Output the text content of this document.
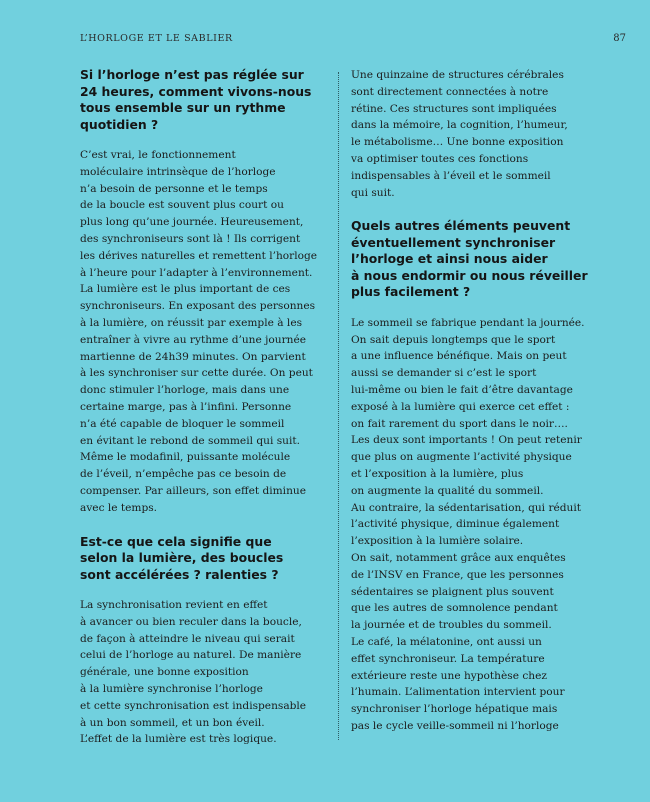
L’HORLOGE ET LE SABLIER	87
Si l’horloge n’est pas réglée sur
24 heures, comment vivons-nous
tous ensemble sur un rythme
quotidien ?

C’est vrai, le fonctionnement
moléculaire intrinsèque de l’horloge
n’a besoin de personne et le temps
de la boucle est souvent plus court ou
plus long qu’une journée. Heureusement,
des synchroniseurs sont là ! Ils corrigent
les dérives naturelles et remettent l’horloge
à l’heure pour l’adapter à l’environnement.
La lumière est le plus important de ces
synchroniseurs. En exposant des personnes
à la lumière, on réussit par exemple à les
entraîner à vivre au rythme d’une journée
martienne de 24h39 minutes. On parvient
à les synchroniser sur cette durée. On peut
donc stimuler l’horloge, mais dans une
certaine marge, pas à l’infini. Personne
n’a été capable de bloquer le sommeil
en évitant le rebond de sommeil qui suit.
Même le modafinil, puissante molécule
de l’éveil, n’empêche pas ce besoin de
compenser. Par ailleurs, son effet diminue
avec le temps.

Est-ce que cela signifie que
selon la lumière, des boucles
sont accélérées ? ralenties ?

La synchronisation revient en effet
à avancer ou bien reculer dans la boucle,
de façon à atteindre le niveau qui serait
celui de l’horloge au naturel. De manière
générale, une bonne exposition
à la lumière synchronise l’horloge
et cette synchronisation est indispensable
à un bon sommeil, et un bon éveil.
L’effet de la lumière est très logique.

Une quinzaine de structures cérébrales
sont directement connectées à notre
rétine. Ces structures sont impliquées
dans la mémoire, la cognition, l’humeur,
le métabolisme… Une bonne exposition
va optimiser toutes ces fonctions
indispensables à l’éveil et le sommeil
qui suit.

Quels autres éléments peuvent
éventuellement synchroniser
l’horloge et ainsi nous aider
à nous endormir ou nous réveiller
plus facilement ?

Le sommeil se fabrique pendant la journée.
On sait depuis longtemps que le sport
a une influence bénéfique. Mais on peut
aussi se demander si c’est le sport
lui-même ou bien le fait d’être davantage
exposé à la lumière qui exerce cet effet :
on fait rarement du sport dans le noir….
Les deux sont importants ! On peut retenir
que plus on augmente l’activité physique
et l’exposition à la lumière, plus
on augmente la qualité du sommeil.
Au contraire, la sédentarisation, qui réduit
l’activité physique, diminue également
l’exposition à la lumière solaire.
On sait, notamment grâce aux enquêtes
de l’INSV en France, que les personnes
sédentaires se plaignent plus souvent
que les autres de somnolence pendant
la journée et de troubles du sommeil.
Le café, la mélatonine, ont aussi un
effet synchroniseur. La température
extérieure reste une hypothèse chez
l’humain. L’alimentation intervient pour
synchroniser l’horloge hépatique mais
pas le cycle veille-sommeil ni l’horloge
